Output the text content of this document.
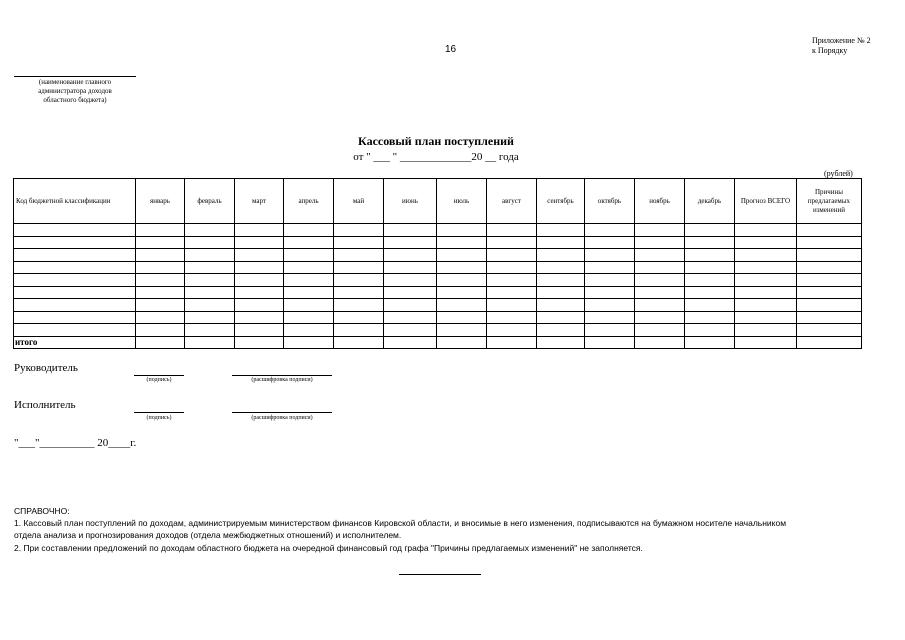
16
Приложение № 2
к Порядку
(наименование главного
администратора доходов
областного бюджета)
Кассовый план поступлений
от " ___ " _____________20 __ года
(рублей)
Код бюджетной классификации	январь	февраль	март	апрель	май	июнь	июль	август	сентябрь	октябрь	ноябрь	декабрь	Прогноз ВСЕГО	Причины предлагаемых изменений

итого														
Руководитель
(подпись)	(расшифровка подписи)
Исполнитель
(подпись)	(расшифровка подписи)
"___"__________ 20____г.
СПРАВОЧНО:
1. Кассовый план поступлений по доходам, администрируемым министерством финансов Кировской области, и вносимые в него изменения, подписываются на бумажном носителе начальником
отдела анализа и прогнозирования доходов (отдела межбюджетных отношений) и исполнителем.
2. При составлении предложений по доходам областного бюджета на очередной финансовый год графа "Причины предлагаемых изменений" не заполняется.
